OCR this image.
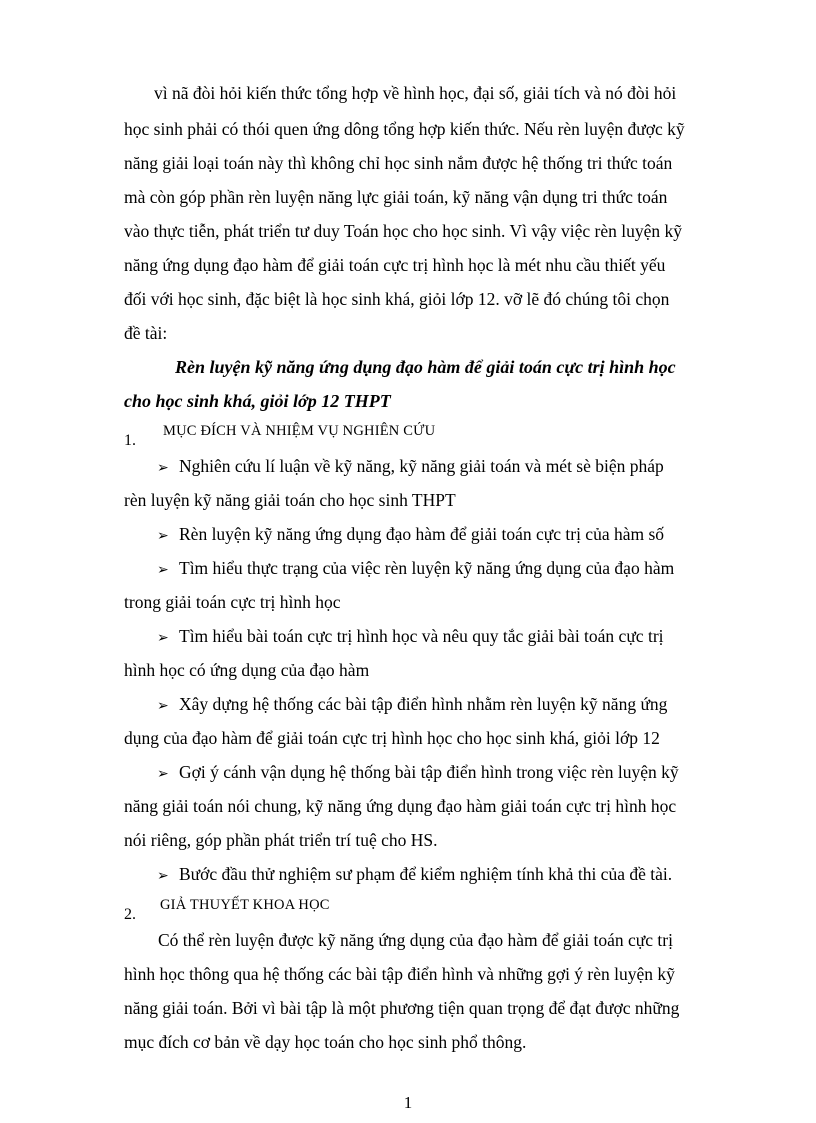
vì nã đòi hỏi kiến thức tổng hợp về hình học, đại số, giải tích và nó đòi hỏi
học sinh phải có thói quen ứng dông tổng hợp kiến thức. Nếu rèn luyện được kỹ
năng giải loại toán này thì không chỉ học sinh nắm được hệ thống tri thức toán
mà còn góp phần rèn luyện năng lực giải toán, kỹ năng vận dụng tri thức toán
vào thực tiễn, phát triển tư duy Toán học cho học sinh. Vì vậy việc rèn luyện kỹ
năng ứng dụng đạo hàm để giải toán cực trị hình học là mét nhu cầu thiết yếu
đối với học sinh, đặc biệt là học sinh khá, giỏi lớp 12. vỡ lẽ đó chúng tôi chọn
đề tài:
Rèn luyện kỹ năng ứng dụng đạo hàm để giải toán cực trị hình học
cho học sinh khá, giỏi lớp 12 THPT
1.
MỤC ĐÍCH VÀ NHIỆM VỤ NGHIÊN CỨU
➢ Nghiên cứu lí luận về kỹ năng, kỹ năng giải toán và mét sè biện pháp
rèn luyện kỹ năng giải toán cho học sinh THPT
➢ Rèn luyện kỹ năng ứng dụng đạo hàm để giải toán cực trị của hàm số
➢ Tìm hiểu thực trạng của việc rèn luyện kỹ năng ứng dụng của đạo hàm
trong giải toán cực trị hình học
➢ Tìm hiểu bài toán cực trị hình học và nêu quy tắc giải bài toán cực trị
hình học có ứng dụng của đạo hàm
➢ Xây dựng hệ thống các bài tập điển hình nhằm rèn luyện kỹ năng ứng
dụng của đạo hàm để giải toán cực trị hình học cho học sinh khá, giỏi lớp 12
➢ Gợi ý cánh vận dụng hệ thống bài tập điển hình trong việc rèn luyện kỹ
năng giải toán nói chung, kỹ năng ứng dụng đạo hàm giải toán cực trị hình học
nói riêng, góp phần phát triển trí tuệ cho HS.
➢ Bước đầu thử nghiệm sư phạm để kiểm nghiệm tính khả thi của đề tài.
2.
GIẢ THUYẾT KHOA HỌC
Có thể rèn luyện được kỹ năng ứng dụng của đạo hàm để giải toán cực trị
hình học thông qua hệ thống các bài tập điển hình và những gợi ý rèn luyện kỹ
năng giải toán. Bởi vì bài tập là một phương tiện quan trọng để đạt được những
mục đích cơ bản về dạy học toán cho học sinh phổ thông.
1
